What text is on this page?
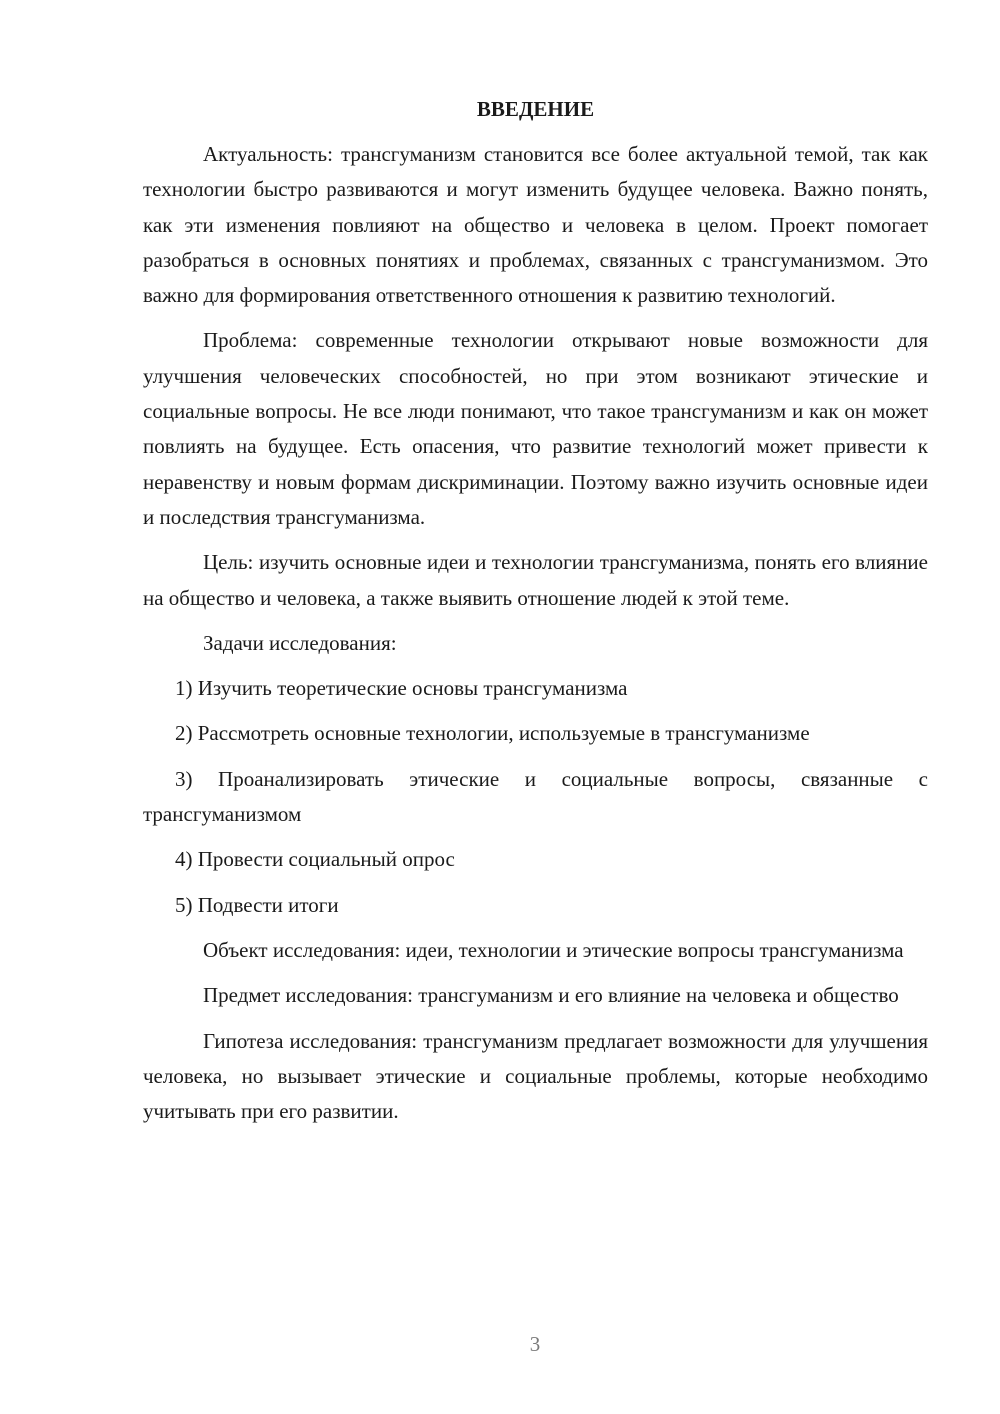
ВВЕДЕНИЕ

Актуальность: трансгуманизм становится все более актуальной темой, так как технологии быстро развиваются и могут изменить будущее человека. Важно понять, как эти изменения повлияют на общество и человека в целом. Проект помогает разобраться в основных понятиях и проблемах, связанных с трансгуманизмом. Это важно для формирования ответственного отношения к развитию технологий.

Проблема: современные технологии открывают новые возможности для улучшения человеческих способностей, но при этом возникают этические и социальные вопросы. Не все люди понимают, что такое трансгуманизм и как он может повлиять на будущее. Есть опасения, что развитие технологий может привести к неравенству и новым формам дискриминации. Поэтому важно изучить основные идеи и последствия трансгуманизма.

Цель: изучить основные идеи и технологии трансгуманизма, понять его влияние на общество и человека, а также выявить отношение людей к этой теме.

Задачи исследования:

1) Изучить теоретические основы трансгуманизма

2) Рассмотреть основные технологии, используемые в трансгуманизме

3) Проанализировать этические и социальные вопросы, связанные с трансгуманизмом

4) Провести социальный опрос

5) Подвести итоги

Объект исследования: идеи, технологии и этические вопросы трансгуманизма

Предмет исследования: трансгуманизм и его влияние на человека и общество

Гипотеза исследования: трансгуманизм предлагает возможности для улучшения человека, но вызывает этические и социальные проблемы, которые необходимо учитывать при его развитии.

3
